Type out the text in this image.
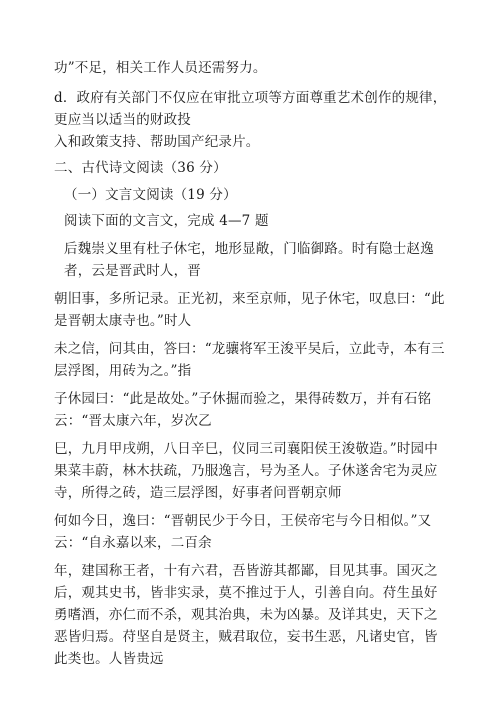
功”不足，相关工作人员还需努力。
d．政府有关部门不仅应在审批立项等方面尊重艺术创作的规律，更应当以适当的财政投
入和政策支持、帮助国产纪录片。
二、古代诗文阅读（36 分）
（一）文言文阅读（19 分）
阅读下面的文言文，完成 4—7 题
后魏崇义里有杜子休宅，地形显敞，门临御路。时有隐士赵逸者，云是晋武时人，晋
朝旧事，多所记录。正光初，来至京师，见子休宅，叹息曰：“此是晋朝太康寺也。”时人
未之信，问其由，答曰：“龙骧将军王浚平吴后，立此寺，本有三层浮图，用砖为之。”指
子休园曰：“此是故处。”子休掘而验之，果得砖数万，并有石铭云：“晋太康六年，岁次乙
巳，九月甲戌朔，八日辛巳，仪同三司襄阳侯王浚敬造。”时园中果菜丰蔚，林木扶疏，乃服逸言，号为圣人。子休遂舍宅为灵应寺，所得之砖，造三层浮图，好事者问晋朝京师
何如今日，逸曰：“晋朝民少于今日，王侯帝宅与今日相似。”又云：“自永嘉以来，二百余
年，建国称王者，十有六君，吾皆游其都鄙，目见其事。国灭之后，观其史书，皆非实录，莫不推过于人，引善自向。苻生虽好勇嗜酒，亦仁而不杀，观其治典，未为凶暴。及详其史，天下之恶皆归焉。苻坚自是贤主，贼君取位，妄书生恶，凡诸史官，皆此类也。人皆贵远
